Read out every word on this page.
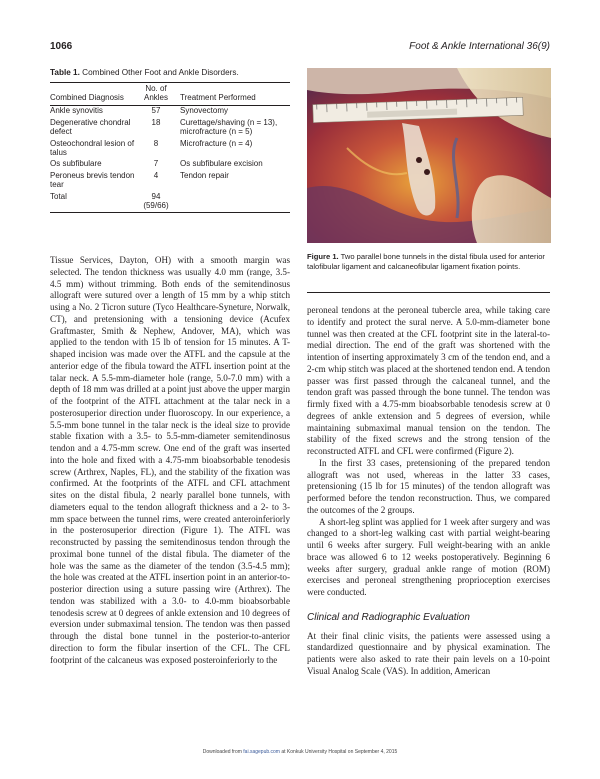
1066	Foot & Ankle International 36(9)
Table 1. Combined Other Foot and Ankle Disorders.
Combined Diagnosis	No. of Ankles	Treatment Performed
Ankle synovitis	57	Synovectomy
Degenerative chondral defect	18	Curettage/shaving (n = 13), microfracture (n = 5)
Osteochondral lesion of talus	8	Microfracture (n = 4)
Os subfibulare	7	Os subfibulare excision
Peroneus brevis tendon tear	4	Tendon repair
Total	94 (59/66)	
Figure 1. Two parallel bone tunnels in the distal fibula used for anterior talofibular ligament and calcaneofibular ligament fixation points.

Tissue Services, Dayton, OH) with a smooth margin was selected. The tendon thickness was usually 4.0 mm (range, 3.5-4.5 mm) without trimming. Both ends of the semitendinosus allograft were sutured over a length of 15 mm by a whip stitch using a No. 2 Ticron suture (Tyco Healthcare-Syneture, Norwalk, CT), and pretensioning with a tensioning device (Acufex Graftmaster, Smith & Nephew, Andover, MA), which was applied to the tendon with 15 lb of tension for 15 minutes. A T-shaped incision was made over the ATFL and the capsule at the anterior edge of the fibula toward the ATFL insertion point at the talar neck. A 5.5-mm-diameter hole (range, 5.0-7.0 mm) with a depth of 18 mm was drilled at a point just above the upper margin of the footprint of the ATFL attachment at the talar neck in a posterosuperior direction under fluoroscopy. In our experience, a 5.5-mm bone tunnel in the talar neck is the ideal size to provide stable fixation with a 3.5- to 5.5-mm-diameter semitendinosus tendon and a 4.75-mm screw. One end of the graft was inserted into the hole and fixed with a 4.75-mm bioabsorbable tenodesis screw (Arthrex, Naples, FL), and the stability of the fixation was confirmed. At the footprints of the ATFL and CFL attachment sites on the distal fibula, 2 nearly parallel bone tunnels, with diameters equal to the tendon allograft thickness and a 2- to 3-mm space between the tunnel rims, were created anteroinferiorly in the posterosuperior direction (Figure 1). The ATFL was reconstructed by passing the semitendinosus tendon through the proximal bone tunnel of the distal fibula. The diameter of the hole was the same as the diameter of the tendon (3.5-4.5 mm); the hole was created at the ATFL insertion point in an anterior-to-posterior direction using a suture passing wire (Arthrex). The tendon was stabilized with a 3.0- to 4.0-mm bioabsorbable tenodesis screw at 0 degrees of ankle extension and 10 degrees of eversion under submaximal tension. The tendon was then passed through the distal bone tunnel in the posterior-to-anterior direction to form the fibular insertion of the CFL. The CFL footprint of the calcaneus was exposed posteroinferiorly to the

peroneal tendons at the peroneal tubercle area, while taking care to identify and protect the sural nerve. A 5.0-mm-diameter bone tunnel was then created at the CFL footprint site in the lateral-to-medial direction. The end of the graft was shortened with the intention of inserting approximately 3 cm of the tendon end, and a 2-cm whip stitch was placed at the shortened tendon end. A tendon passer was first passed through the calcaneal tunnel, and the tendon graft was passed through the bone tunnel. The tendon was firmly fixed with a 4.75-mm bioabsorbable tenodesis screw at 0 degrees of ankle extension and 5 degrees of eversion, while maintaining submaximal manual tension on the tendon. The stability of the fixed screws and the strong tension of the reconstructed ATFL and CFL were confirmed (Figure 2).

In the first 33 cases, pretensioning of the prepared tendon allograft was not used, whereas in the latter 33 cases, pretensioning (15 lb for 15 minutes) of the tendon allograft was performed before the tendon reconstruction. Thus, we compared the outcomes of the 2 groups.

A short-leg splint was applied for 1 week after surgery and was changed to a short-leg walking cast with partial weight-bearing until 6 weeks after surgery. Full weight-bearing with an ankle brace was allowed 6 to 12 weeks postoperatively. Beginning 6 weeks after surgery, gradual ankle range of motion (ROM) exercises and peroneal strengthening proprioception exercises were conducted.

Clinical and Radiographic Evaluation

At their final clinic visits, the patients were assessed using a standardized questionnaire and by physical examination. The patients were also asked to rate their pain levels on a 10-point Visual Analog Scale (VAS). In addition, American

Downloaded from fai.sagepub.com at Konkuk University Hospital on September 4, 2015
